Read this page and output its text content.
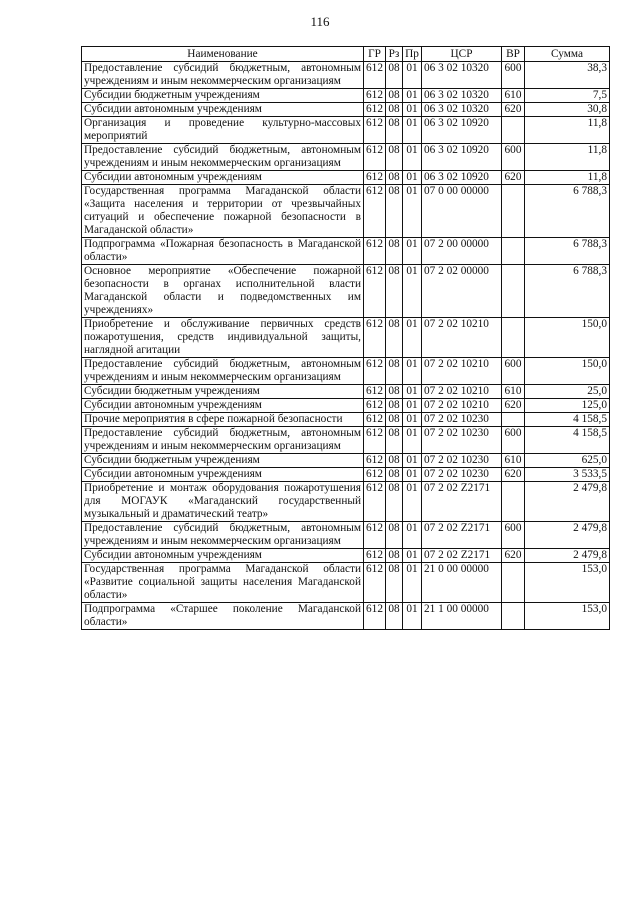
116
Наименование	ГР	Рз	Пр	ЦСР	ВР	Сумма
Предоставление субсидий бюджетным, автономным учреждениям и иным некоммерческим организациям	612	08	01	06 3 02 10320	600	38,3
Субсидии бюджетным учреждениям	612	08	01	06 3 02 10320	610	7,5
Субсидии автономным учреждениям	612	08	01	06 3 02 10320	620	30,8
Организация и проведение культурно-массовых мероприятий	612	08	01	06 3 02 10920		11,8
Предоставление субсидий бюджетным, автономным учреждениям и иным некоммерческим организациям	612	08	01	06 3 02 10920	600	11,8
Субсидии автономным учреждениям	612	08	01	06 3 02 10920	620	11,8
Государственная программа Магаданской области «Защита населения и территории от чрезвычайных ситуаций и обеспечение пожарной безопасности в Магаданской области»	612	08	01	07 0 00 00000		6 788,3
Подпрограмма «Пожарная безопасность в Магаданской области»	612	08	01	07 2 00 00000		6 788,3
Основное мероприятие «Обеспечение пожарной безопасности в органах исполнительной власти Магаданской области и подведомственных им учреждениях»	612	08	01	07 2 02 00000		6 788,3
Приобретение и обслуживание первичных средств пожаротушения, средств индивидуальной защиты, наглядной агитации	612	08	01	07 2 02 10210		150,0
Предоставление субсидий бюджетным, автономным учреждениям и иным некоммерческим организациям	612	08	01	07 2 02 10210	600	150,0
Субсидии бюджетным учреждениям	612	08	01	07 2 02 10210	610	25,0
Субсидии автономным учреждениям	612	08	01	07 2 02 10210	620	125,0
Прочие мероприятия в сфере пожарной безопасности	612	08	01	07 2 02 10230		4 158,5
Предоставление субсидий бюджетным, автономным учреждениям и иным некоммерческим организациям	612	08	01	07 2 02 10230	600	4 158,5
Субсидии бюджетным учреждениям	612	08	01	07 2 02 10230	610	625,0
Субсидии автономным учреждениям	612	08	01	07 2 02 10230	620	3 533,5
Приобретение и монтаж оборудования пожаротушения для МОГАУК «Магаданский государственный музыкальный и драматический театр»	612	08	01	07 2 02 Z2171		2 479,8
Предоставление субсидий бюджетным, автономным учреждениям и иным некоммерческим организациям	612	08	01	07 2 02 Z2171	600	2 479,8
Субсидии автономным учреждениям	612	08	01	07 2 02 Z2171	620	2 479,8
Государственная программа Магаданской области «Развитие социальной защиты населения Магаданской области»	612	08	01	21 0 00 00000		153,0
Подпрограмма «Старшее поколение Магаданской области»	612	08	01	21 1 00 00000		153,0
